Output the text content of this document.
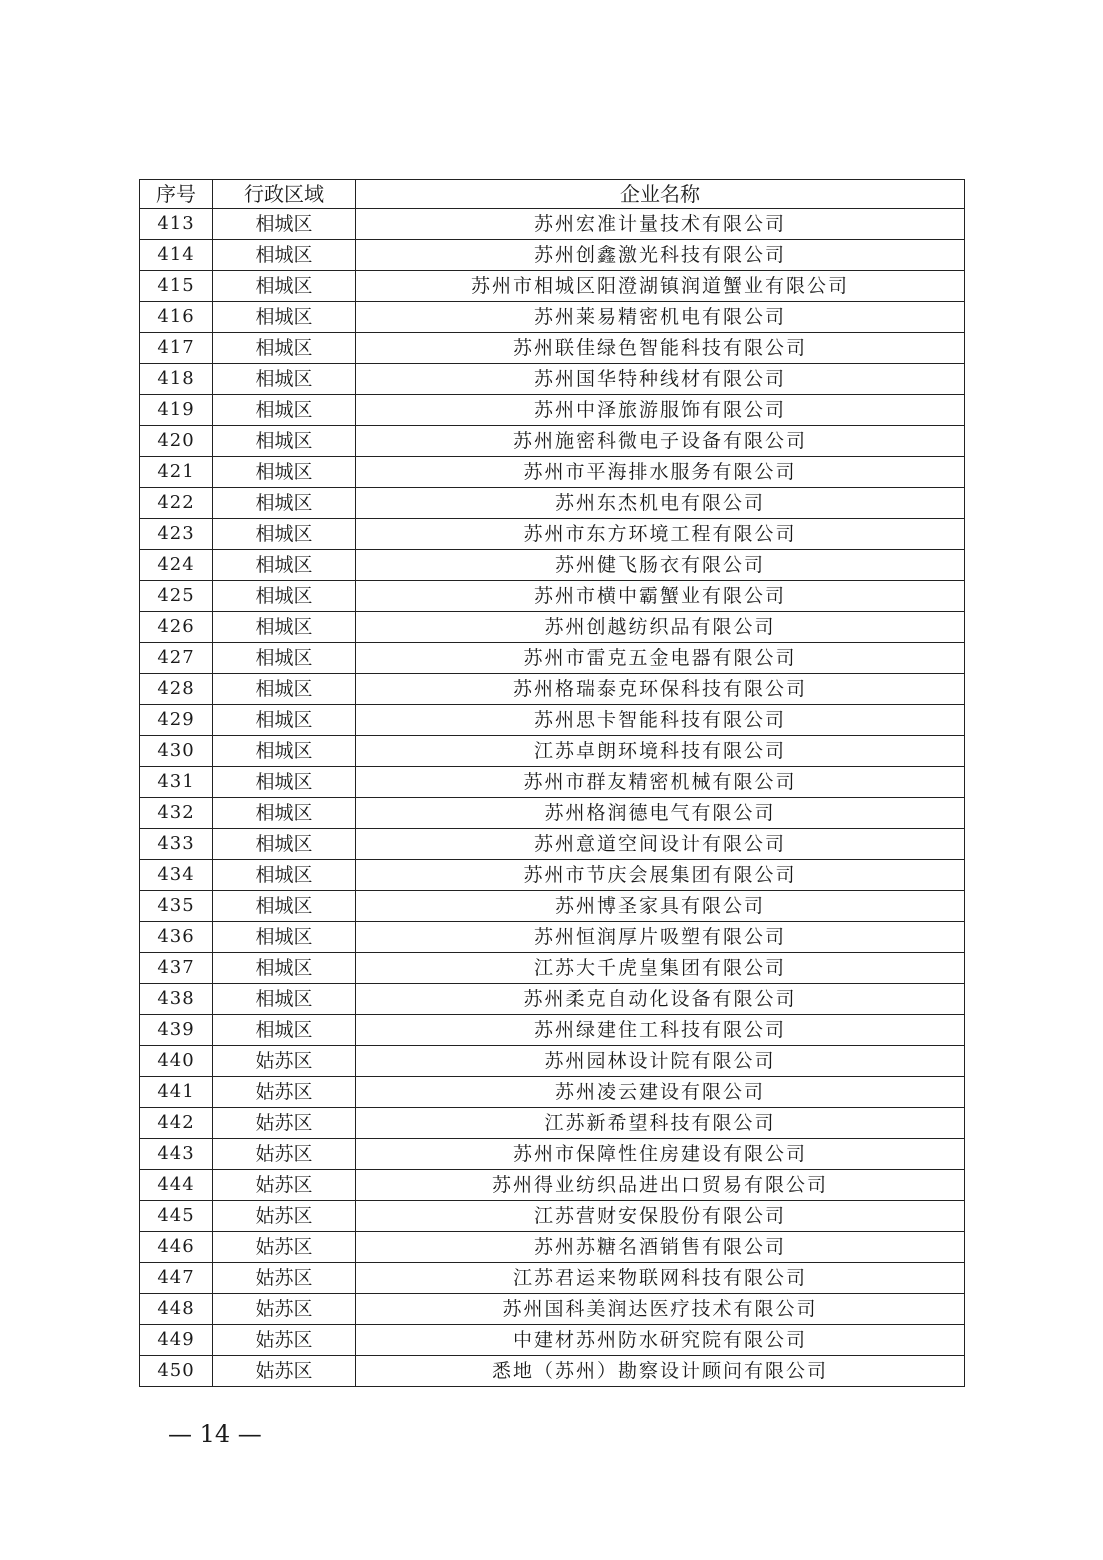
序号	行政区域	企业名称
413	相城区	苏州宏准计量技术有限公司
414	相城区	苏州创鑫激光科技有限公司
415	相城区	苏州市相城区阳澄湖镇润道蟹业有限公司
416	相城区	苏州莱易精密机电有限公司
417	相城区	苏州联佳绿色智能科技有限公司
418	相城区	苏州国华特种线材有限公司
419	相城区	苏州中泽旅游服饰有限公司
420	相城区	苏州施密科微电子设备有限公司
421	相城区	苏州市平海排水服务有限公司
422	相城区	苏州东杰机电有限公司
423	相城区	苏州市东方环境工程有限公司
424	相城区	苏州健飞肠衣有限公司
425	相城区	苏州市横中霸蟹业有限公司
426	相城区	苏州创越纺织品有限公司
427	相城区	苏州市雷克五金电器有限公司
428	相城区	苏州格瑞泰克环保科技有限公司
429	相城区	苏州思卡智能科技有限公司
430	相城区	江苏卓朗环境科技有限公司
431	相城区	苏州市群友精密机械有限公司
432	相城区	苏州格润德电气有限公司
433	相城区	苏州意道空间设计有限公司
434	相城区	苏州市节庆会展集团有限公司
435	相城区	苏州博圣家具有限公司
436	相城区	苏州恒润厚片吸塑有限公司
437	相城区	江苏大千虎皇集团有限公司
438	相城区	苏州柔克自动化设备有限公司
439	相城区	苏州绿建住工科技有限公司
440	姑苏区	苏州园林设计院有限公司
441	姑苏区	苏州凌云建设有限公司
442	姑苏区	江苏新希望科技有限公司
443	姑苏区	苏州市保障性住房建设有限公司
444	姑苏区	苏州得业纺织品进出口贸易有限公司
445	姑苏区	江苏营财安保股份有限公司
446	姑苏区	苏州苏糖名酒销售有限公司
447	姑苏区	江苏君运来物联网科技有限公司
448	姑苏区	苏州国科美润达医疗技术有限公司
449	姑苏区	中建材苏州防水研究院有限公司
450	姑苏区	悉地（苏州）勘察设计顾问有限公司
— 14 —
